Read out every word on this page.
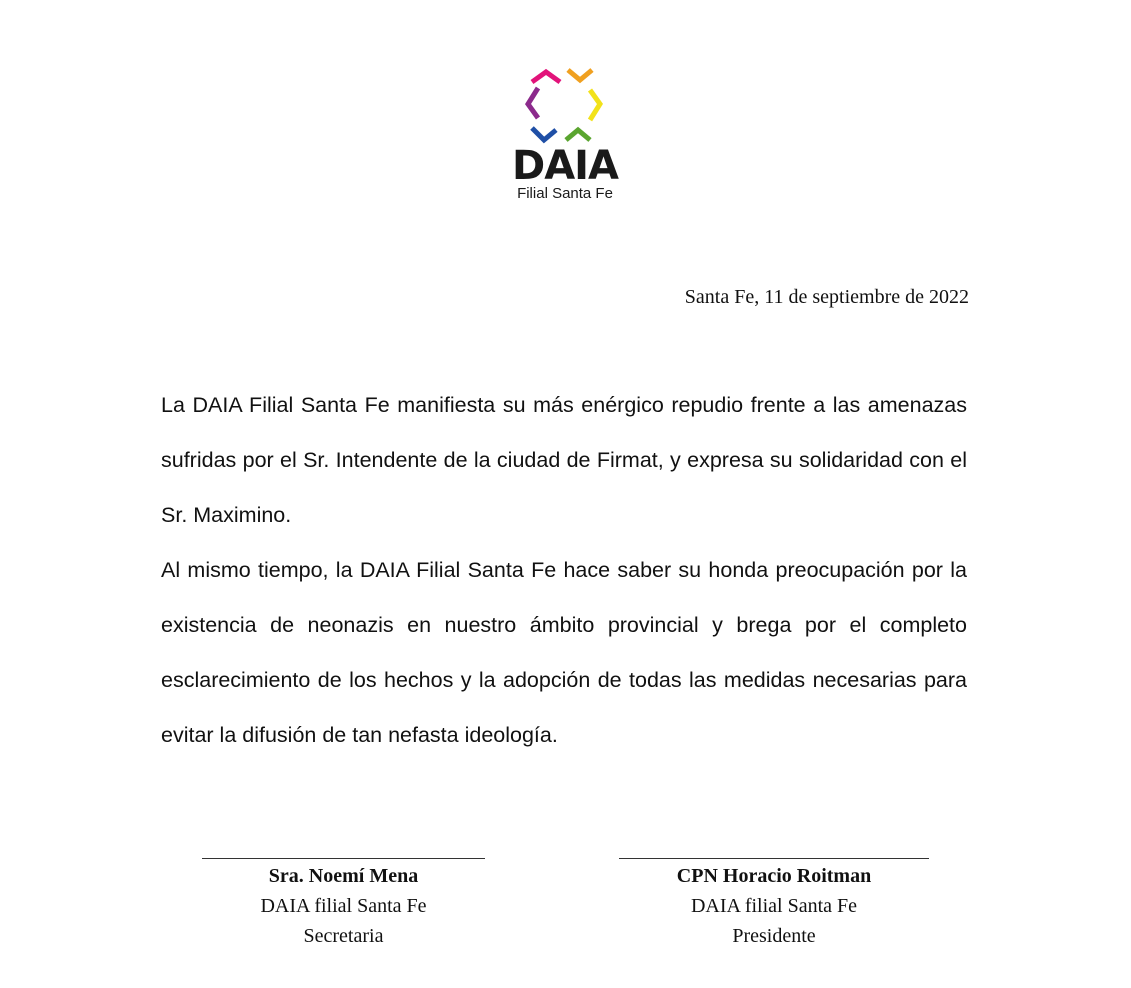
DAIA
Filial Santa Fe
Santa Fe, 11 de septiembre de 2022

La DAIA Filial Santa Fe manifiesta su más enérgico repudio frente a las amenazas sufridas por el Sr. Intendente de la ciudad de Firmat, y expresa su solidaridad con el Sr. Maximino.

Al mismo tiempo, la DAIA Filial Santa Fe hace saber su honda preocupación por la existencia de neonazis en nuestro ámbito provincial y brega por el completo esclarecimiento de los hechos y la adopción de todas las medidas necesarias para evitar la difusión de tan nefasta ideología.

Sra. Noemí Mena
DAIA filial Santa Fe
Secretaria
CPN Horacio Roitman
DAIA filial Santa Fe
Presidente
